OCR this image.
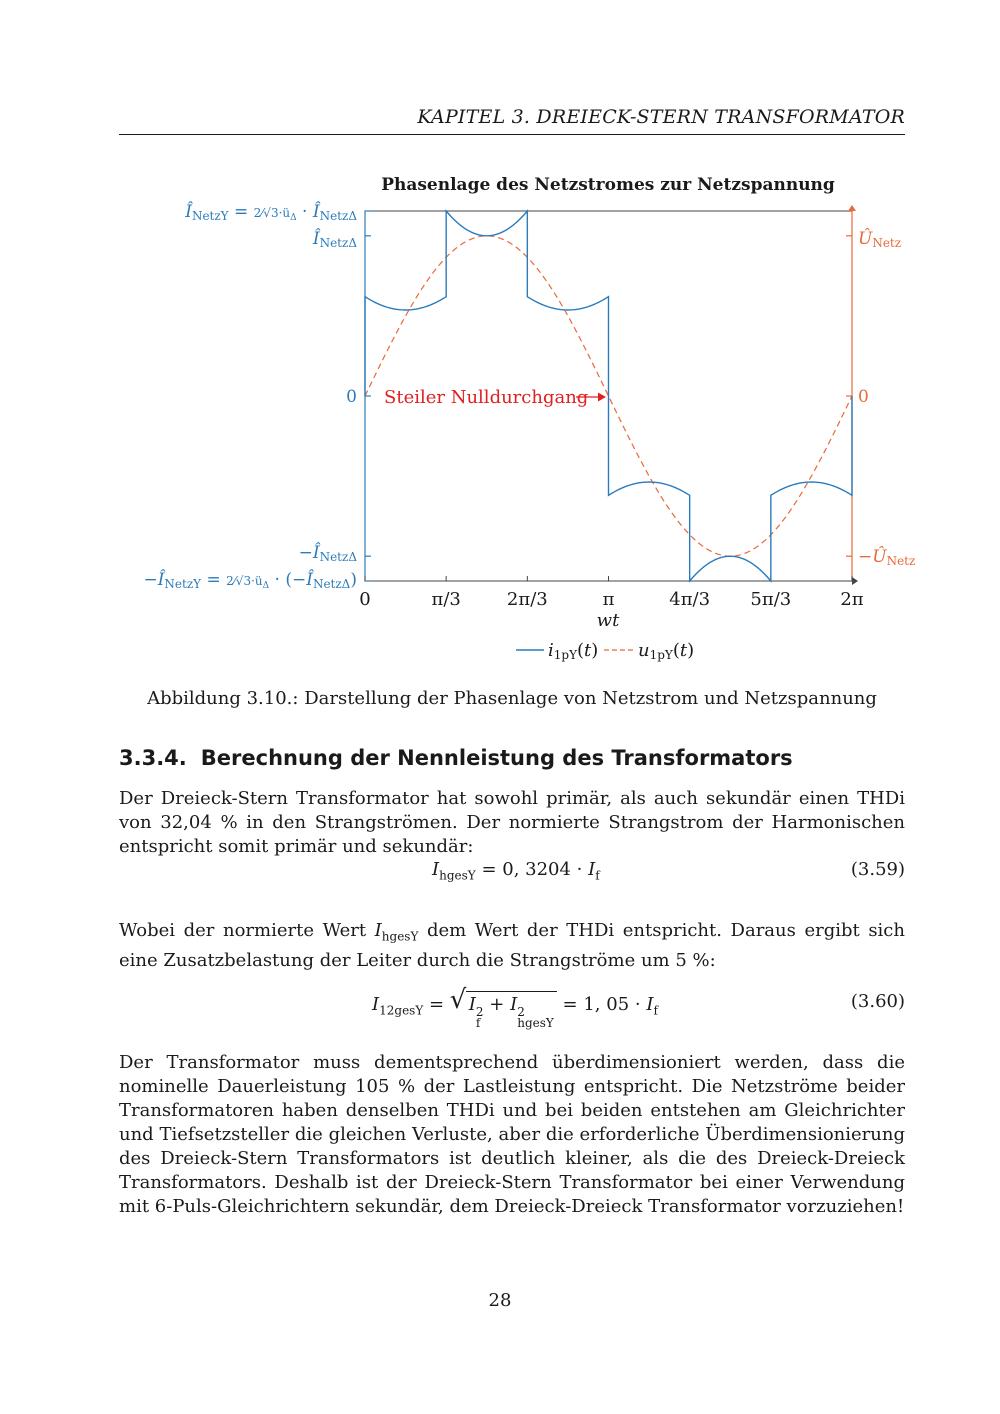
KAPITEL 3. DREIECK-STERN TRANSFORMATOR
Phasenlage des Netzstromes zur Netzspannung
0	π/3	2π/3	π	4π/3 5π/3	2π
ÎNetzY = 2⁄√3·üΔ · ÎNetzΔ
ÎNetzΔ
0
−ÎNetzΔ
−ÎNetzY = 2⁄√3·üΔ · (−ÎNetzΔ)
ÛNetz
0
−ÛNetz
wt
Steiler Nulldurchgang
i1pY(t) u1pY(t)
Abbildung 3.10.: Darstellung der Phasenlage von Netzstrom und Netzspannung
3.3.4. Berechnung der Nennleistung des Transformators

Der Dreieck-Stern Transformator hat sowohl primär, als auch sekundär einen THDi von 32,04 % in den Strangströmen. Der normierte Strangstrom der Harmonischen entspricht somit primär und sekundär:

$I_{hgesY} = 0$, $3204 \cdot I_f$	(3.59)

Wobei der normierte Wert $I_{hgesY}$ dem Wert der THDi entspricht. Daraus ergibt sich eine Zusatzbelastung der Leiter durch die Strangströme um 5 %:

$I_{12gesY}$ = √ I 2
f
+ I 2
hgesY
= 1, $05 \cdot I_f$	(3.60)

Der Transformator muss dementsprechend überdimensioniert werden, dass die nominelle Dauerleistung 105 % der Lastleistung entspricht. Die Netzströme beider Transformatoren haben denselben THDi und bei beiden entstehen am Gleichrichter und Tiefsetzsteller die gleichen Verluste, aber die erforderliche Überdimensionierung des Dreieck-Stern Transformators ist deutlich kleiner, als die des Dreieck-Dreieck Transformators. Deshalb ist der Dreieck-Stern Transformator bei einer Verwendung mit 6-Puls-Gleichrichtern sekundär, dem Dreieck-Dreieck Transformator vorzuziehen!

28
